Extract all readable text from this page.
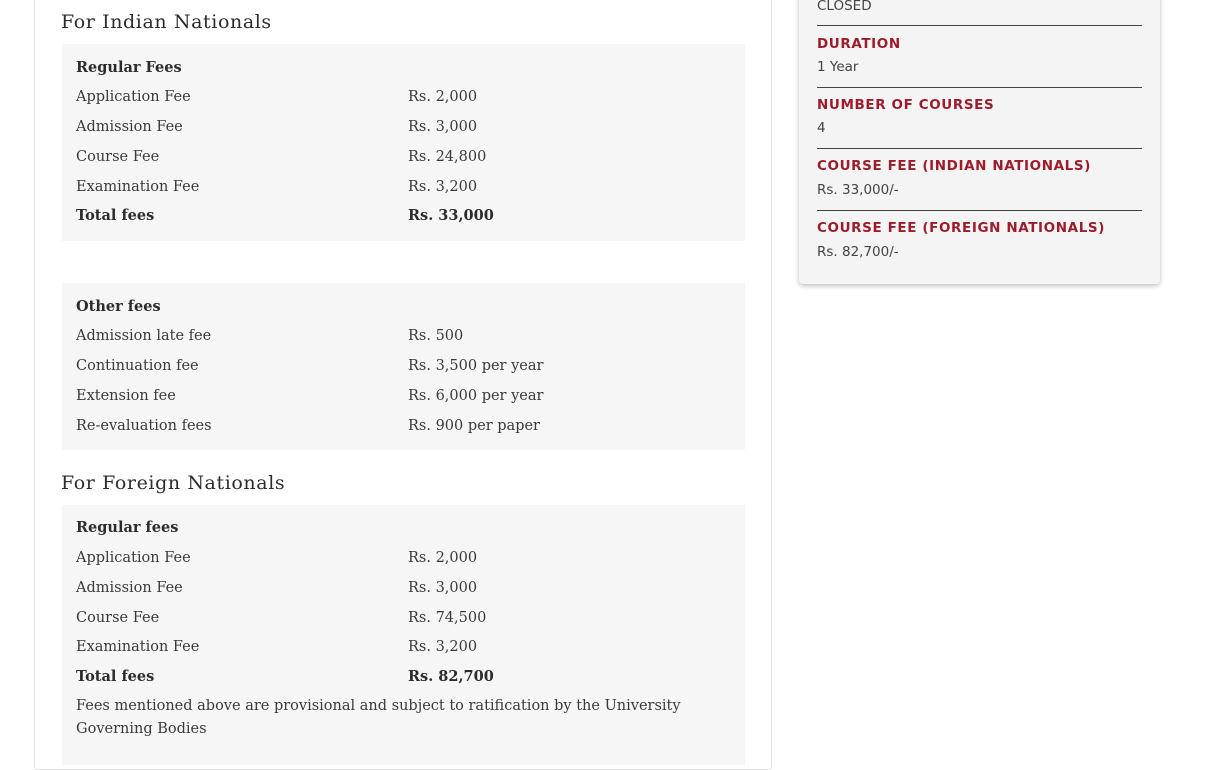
For Indian Nationals
Regular Fees
Application Fee	Rs. 2,000
Admission Fee	Rs. 3,000
Course Fee	Rs. 24,800
Examination Fee	Rs. 3,200
Total fees	Rs. 33,000
Other fees
Admission late fee	Rs. 500
Continuation fee	Rs. 3,500 per year
Extension fee	Rs. 6,000 per year
Re-evaluation fees	Rs. 900 per paper
For Foreign Nationals
Regular fees
Application Fee	Rs. 2,000
Admission Fee	Rs. 3,000
Course Fee	Rs. 74,500
Examination Fee	Rs. 3,200
Total fees	Rs. 82,700
Fees mentioned above are provisional and subject to ratification by the University Governing Bodies
CLOSED
DURATION
1 Year
NUMBER OF COURSES
4
COURSE FEE (INDIAN NATIONALS)
Rs. 33,000/-
COURSE FEE (FOREIGN NATIONALS)
Rs. 82,700/-
